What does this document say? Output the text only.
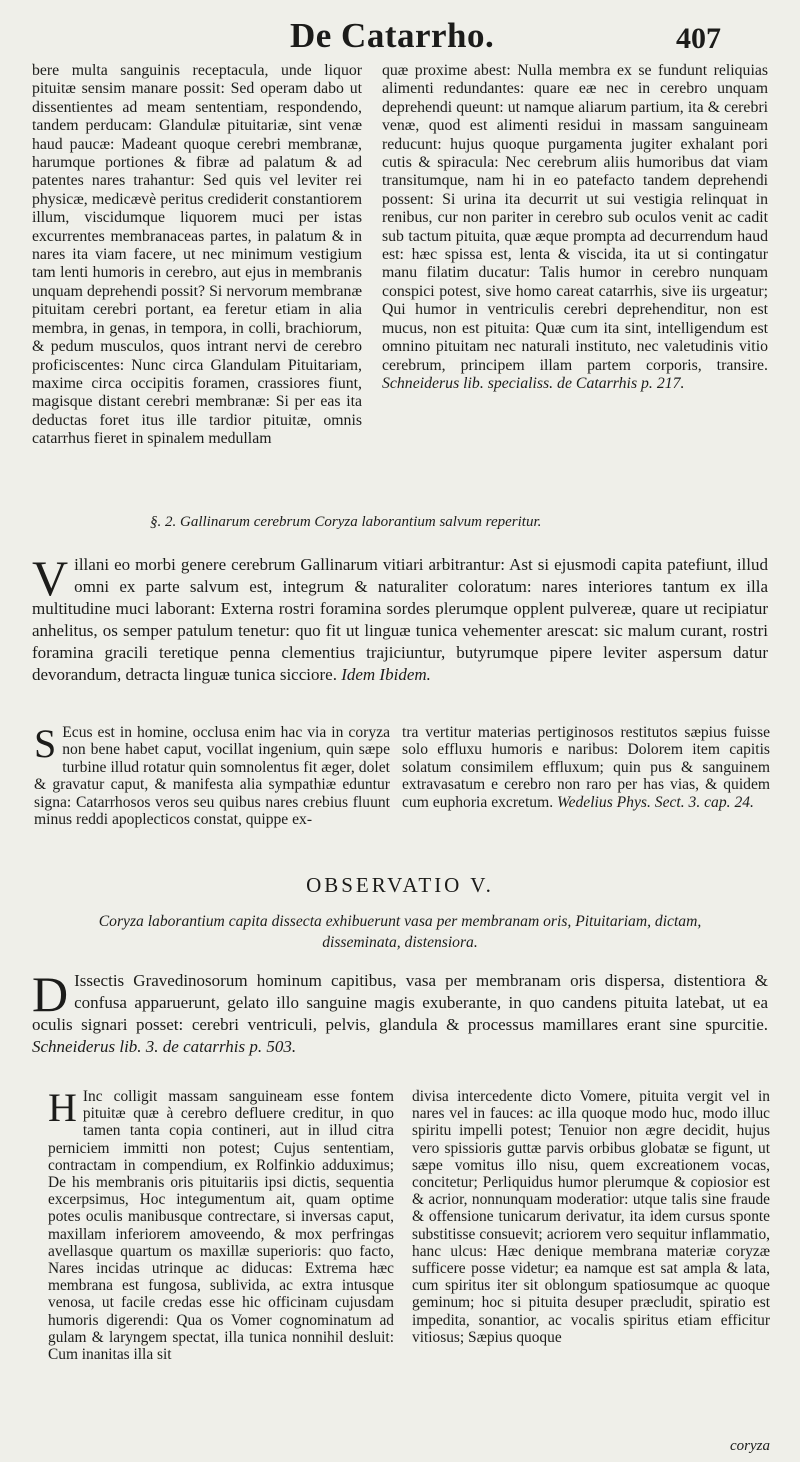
De Catarrho.	407

bere multa sanguinis receptacula, unde liquor pituitæ sensim manare possit: Sed operam dabo ut dissentientes ad meam sententiam, respondendo, tandem perducam: Glandulæ pituitariæ, sint venæ haud paucæ: Madeant quoque cerebri membranæ, harumque portiones & fibræ ad palatum & ad patentes nares trahantur: Sed quis vel leviter rei physicæ, medicævè peritus crediderit constantiorem illum, viscidumque liquorem muci per istas excurrentes membranaceas partes, in palatum & in nares ita viam facere, ut nec minimum vestigium tam lenti humoris in cerebro, aut ejus in membranis unquam deprehendi possit? Si nervorum membranæ pituitam cerebri portant, ea feretur etiam in alia membra, in genas, in tempora, in colli, brachiorum, & pedum musculos, quos intrant nervi de cerebro proficiscentes: Nunc circa Glandulam Pituitariam, maxime circa occipitis foramen, crassiores fiunt, magisque distant cerebri membranæ: Si per eas ita deductas foret itus ille tardior pituitæ, omnis catarrhus fieret in spinalem medullam

quæ proxime abest: Nulla membra ex se fundunt reliquias alimenti redundantes: quare eæ nec in cerebro unquam deprehendi queunt: ut namque aliarum partium, ita & cerebri venæ, quod est alimenti residui in massam sanguineam reducunt: hujus quoque purgamenta jugiter exhalant pori cutis & spiracula: Nec cerebrum aliis humoribus dat viam transitumque, nam hi in eo patefacto tandem deprehendi possent: Si urina ita decurrit ut sui vestigia relinquat in renibus, cur non pariter in cerebro sub oculos venit ac cadit sub tactum pituita, quæ æque prompta ad decurrendum haud est: hæc spissa est, lenta & viscida, ita ut si contingatur manu filatim ducatur: Talis humor in cerebro nunquam conspici potest, sive homo careat catarrhis, sive iis urgeatur; Qui humor in ventriculis cerebri deprehenditur, non est mucus, non est pituita: Quæ cum ita sint, intelligendum est omnino pituitam nec naturali instituto, nec valetudinis vitio cerebrum, principem illam partem corporis, transire. Schneiderus lib. specialiss. de Catarrhis p. 217.

§. 2. Gallinarum cerebrum Coryza laborantium salvum reperitur.
V illani eo morbi genere cerebrum Gallinarum vitiari arbitrantur: Ast si ejusmodi capita patefiunt, illud omni ex parte salvum est, integrum & naturaliter coloratum: nares interiores tantum ex illa multitudine muci laborant: Externa rostri foramina sordes plerumque opplent pulvereæ, quare ut recipiatur anhelitus, os semper patulum tenetur: quo fit ut linguæ tunica vehementer arescat: sic malum curant, rostri foramina gracili teretique penna clementius trajiciuntur, butyrumque pipere leviter aspersum datur devorandum, detracta linguæ tunica sicciore. Idem Ibidem.

S Ecus est in homine, occlusa enim hac via in coryza non bene habet caput, vocillat ingenium, quin sæpe turbine illud rotatur quin somnolentus fit æger, dolet & gravatur caput, & manifesta alia sympathiæ eduntur signa: Catarrhosos veros seu quibus nares crebius fluunt minus reddi apoplecticos constat, quippe ex-

tra vertitur materias pertiginosos restitutos sæpius fuisse solo effluxu humoris e naribus: Dolorem item capitis solatum consimilem effluxum; quin pus & sanguinem extravasatum e cerebro non raro per has vias, & quidem cum euphoria excretum. Wedelius Phys. Sect. 3. cap. 24.

OBSERVATIO V.
Coryza laborantium capita dissecta exhibuerunt vasa per membranam oris, Pituitariam, dictam, disseminata, distensiora.
D Issectis Gravedinosorum hominum capitibus, vasa per membranam oris dispersa, distentiora & confusa apparuerunt, gelato illo sanguine magis exuberante, in quo candens pituita latebat, ut ea oculis signari posset: cerebri ventriculi, pelvis, glandula & processus mamillares erant sine spurcitie. Schneiderus lib. 3. de catarrhis p. 503.

H Inc colligit massam sanguineam esse fontem pituitæ quæ à cerebro defluere creditur, in quo tamen tanta copia contineri, aut in illud citra perniciem immitti non potest; Cujus sententiam, contractam in compendium, ex Rolfinkio adduximus; De his membranis oris pituitariis ipsi dictis, sequentia excerpsimus, Hoc integumentum ait, quam optime potes oculis manibusque contrectare, si inversas caput, maxillam inferiorem amoveendo, & mox perfringas avellasque quartum os maxillæ superioris: quo facto, Nares incidas utrinque ac diducas: Extrema hæc membrana est fungosa, sublivida, ac extra intusque venosa, ut facile credas esse hic officinam cujusdam humoris digerendi: Qua os Vomer cognominatum ad gulam & laryngem spectat, illa tunica nonnihil desluit: Cum inanitas illa sit

divisa intercedente dicto Vomere, pituita vergit vel in nares vel in fauces: ac illa quoque modo huc, modo illuc spiritu impelli potest; Tenuior non ægre decidit, hujus vero spissioris guttæ parvis orbibus globatæ se figunt, ut sæpe vomitus illo nisu, quem excreationem vocas, concitetur; Perliquidus humor plerumque & copiosior est & acrior, nonnunquam moderatior: utque talis sine fraude & offensione tunicarum derivatur, ita idem cursus sponte substitisse consuevit; acriorem vero sequitur inflammatio, hanc ulcus: Hæc denique membrana materiæ coryzæ sufficere posse videtur; ea namque est sat ampla & lata, cum spiritus iter sit oblongum spatiosumque ac quoque geminum; hoc si pituita desuper præcludit, spiratio est impedita, sonantior, ac vocalis spiritus etiam efficitur vitiosus; Sæpius quoque

coryza
